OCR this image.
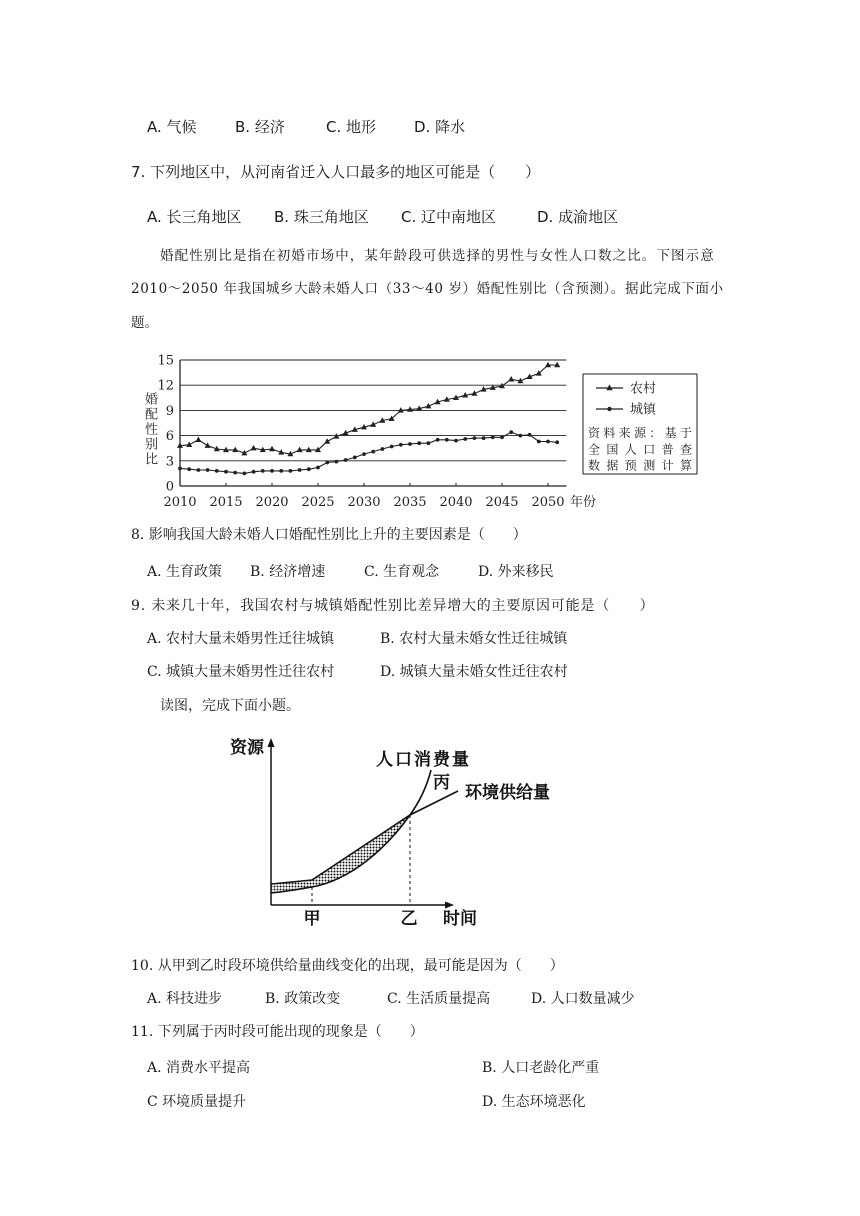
A. 气候	B. 经济	C. 地形	D. 降水
7. 下列地区中，从河南省迁入人口最多的地区可能是（　　）
A. 长三角地区 B. 珠三角地区 C. 辽中南地区	D. 成渝地区
婚配性别比是指在初婚市场中，某年龄段可供选择的男性与女性人口数之比。下图示意
2010～2050 年我国城乡大龄未婚人口（33～40 岁）婚配性别比（含预测）。据此完成下面小
题。
婚配性别比
0
3
6
9
12
15
2010 2015 2020 2025 2030 2035 2040 2045 2050 年份
农村
城镇
资料来源：基于
全国人口普查
数据预测计算
8. 影响我国大龄未婚人口婚配性别比上升的主要因素是（　　）
A. 生育政策 B. 经济增速	C. 生育观念	D. 外来移民
9. 未来几十年，我国农村与城镇婚配性别比差异增大的主要原因可能是（　　）
A. 农村大量未婚男性迁往城镇	B. 农村大量未婚女性迁往城镇
C. 城镇大量未婚男性迁往农村	D. 城镇大量未婚女性迁往农村
读图，完成下面小题。
资源
人口消费量
丙 环境供给量
甲	乙 时间
10. 从甲到乙时段环境供给量曲线变化的出现，最可能是因为（　　）
A. 科技进步	B. 政策改变	C. 生活质量提高	D. 人口数量减少
11. 下列属于丙时段可能出现的现象是（　　）
A. 消费水平提高	B. 人口老龄化严重
C 环境质量提升	D. 生态环境恶化
